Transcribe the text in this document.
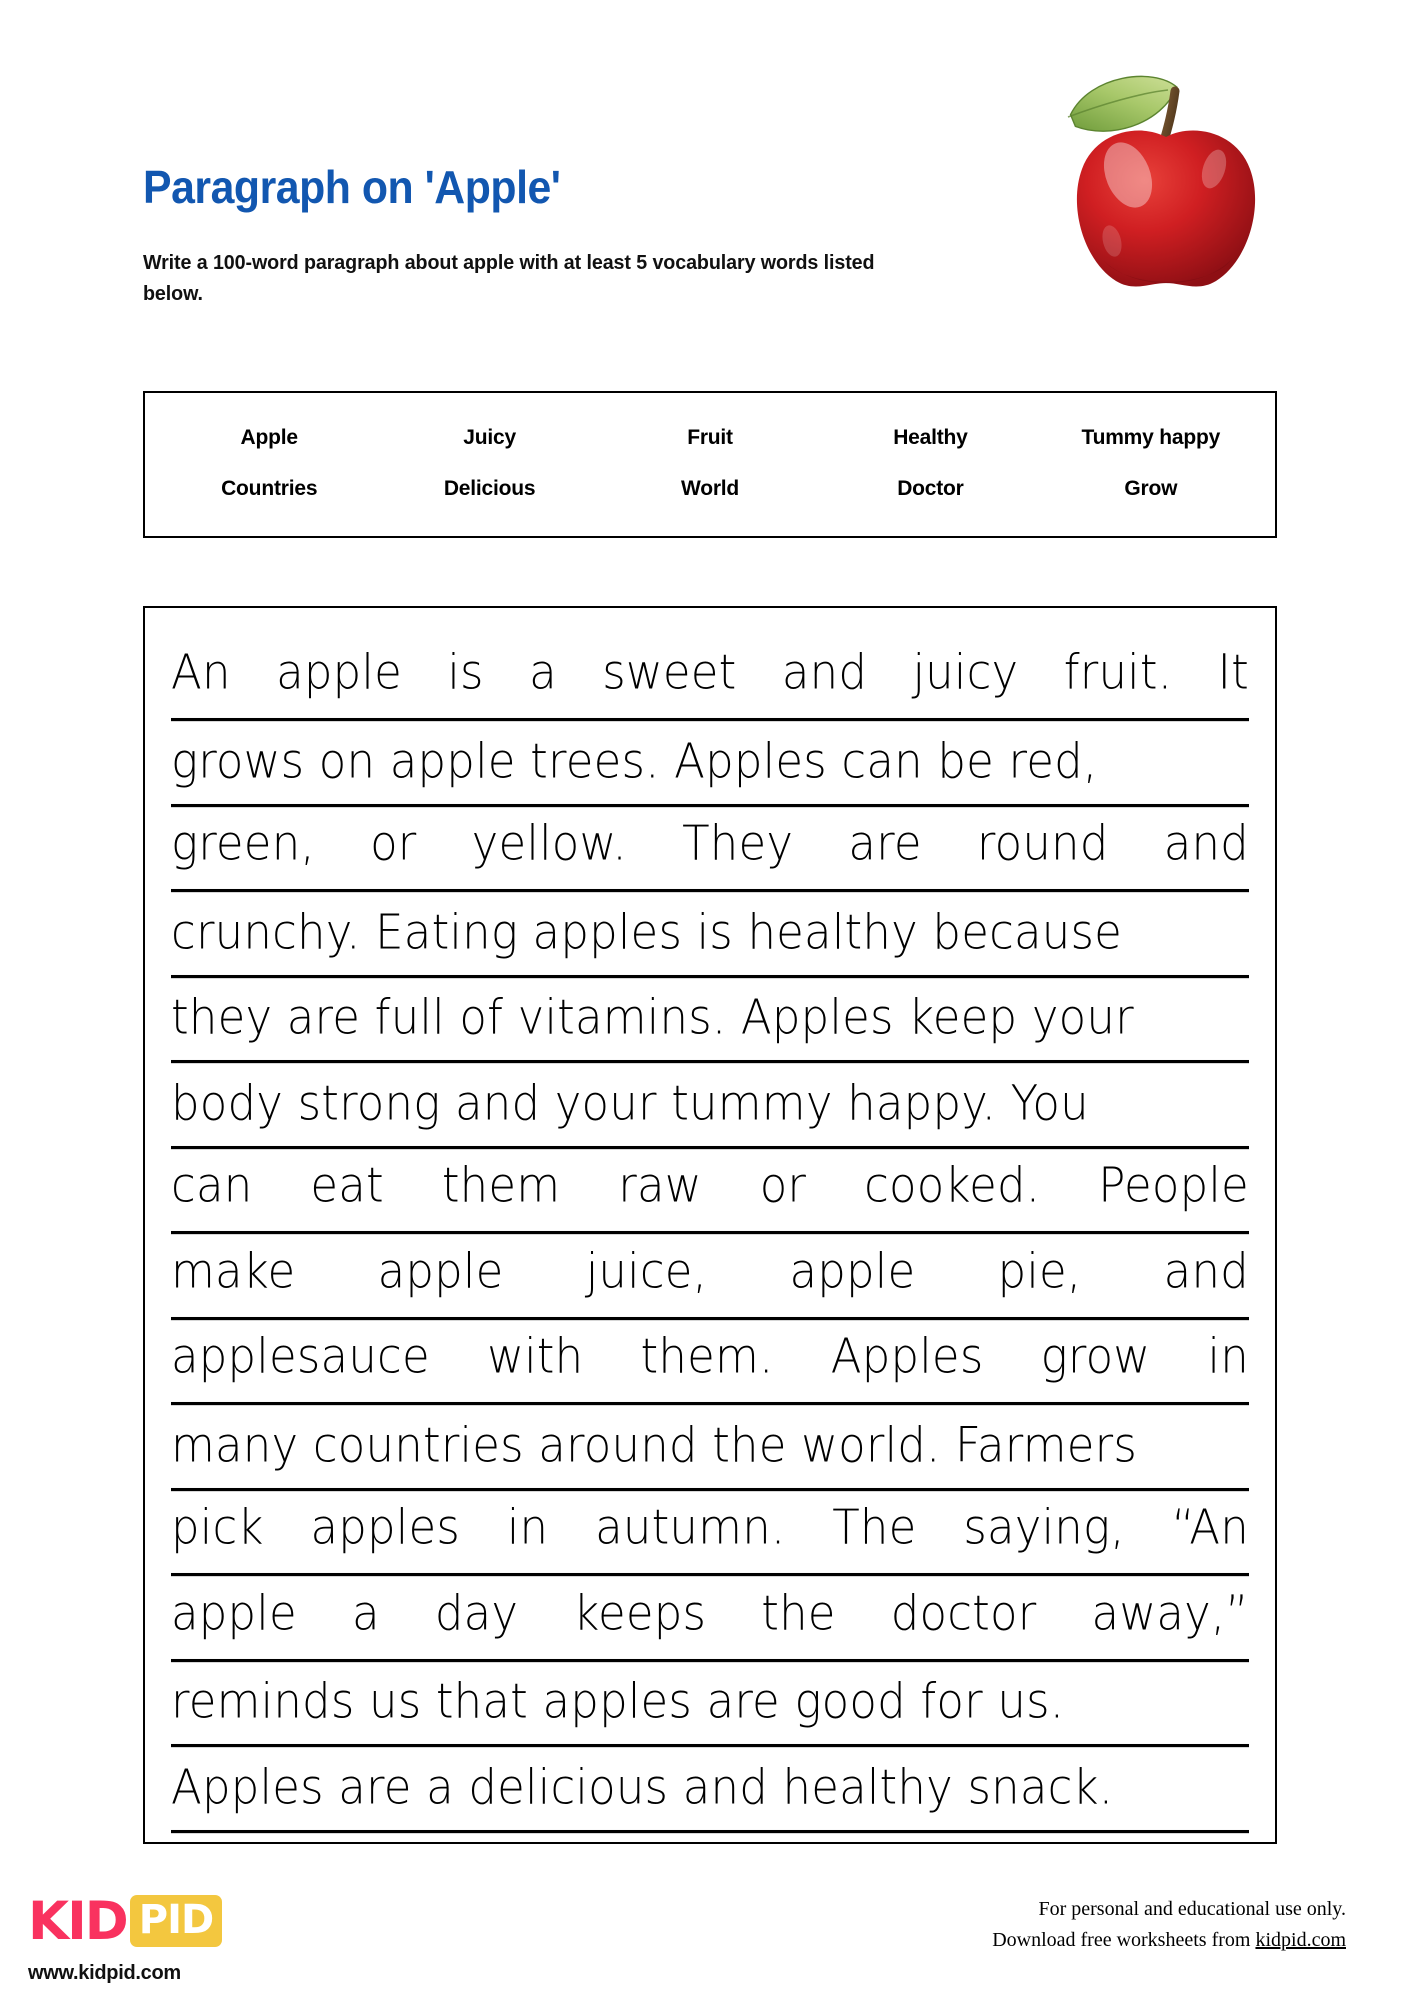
Paragraph on 'Apple'
Write a 100-word paragraph about apple with at least 5 vocabulary words listed below.
Apple	Juicy	Fruit	Healthy	Tummy happy
Countries	Delicious	World	Doctor	Grow
An apple is a sweet and juicy fruit. It
grows on apple trees. Apples can be red,
green, or yellow. They are round and
crunchy. Eating apples is healthy because
they are full of vitamins. Apples keep your
body strong and your tummy happy. You
can eat them raw or cooked. People
make apple juice, apple pie, and
applesauce with them. Apples grow in
many countries around the world. Farmers
pick apples in autumn. The saying, “An
apple a day keeps the doctor away,”
reminds us that apples are good for us.
Apples are a delicious and healthy snack.
KID PID
www.kidpid.com
For personal and educational use only.
Download free worksheets from kidpid.com
